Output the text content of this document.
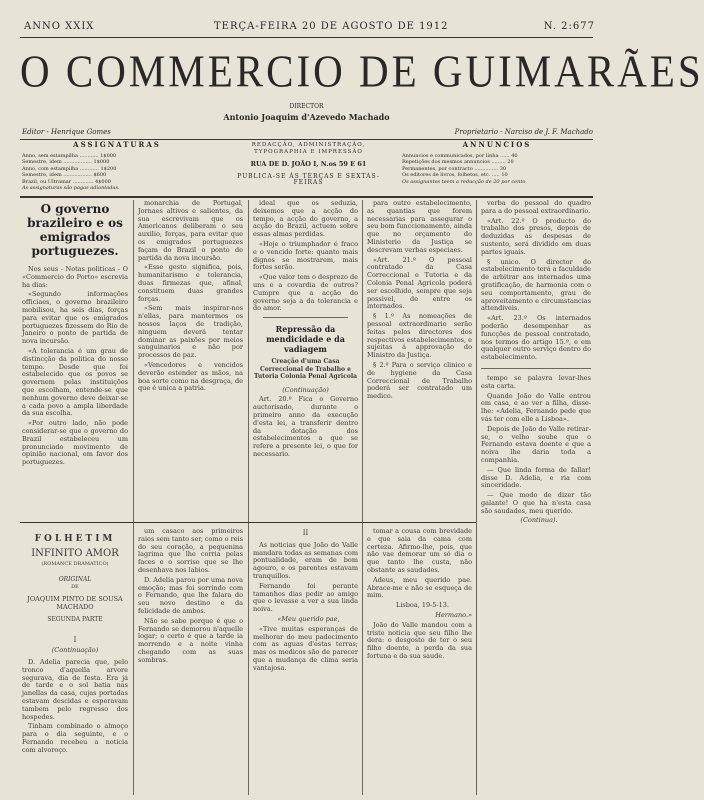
ANNO XXIX	TERÇA-FEIRA 20 DE AGOSTO DE 1912	N. 2:677
O COMMERCIO DE GUIMARÃES
DIRECTOR
Antonio Joaquim d'Azevedo Machado
Editor - Henrique Gomes	Proprietario - Narciso de J. F. Machado
ASSIGNATURAS
Anno, sem estampilha ............ 1$000
Semestre, idem .................. 1$000
Anno, com estampilha ............ 1$200
Semestre, idem .................. $600
Brazil, ou Ultramar ............. 4$000
As assignaturas são pagas adiantadas.
REDACÇÃO, ADMINISTRAÇÃO, TYPOGRAPHIA E IMPRESSÃO
RUA DE D. JOÃO I, N.os 59 E 61
PUBLICA-SE ÁS TERÇAS E SEXTAS-FEIRAS
ANNUNCIOS
Annuncios e communicados, por linha ...... 40
Repetições dos mesmos annuncios ......... 20
Permanentes, por contracto ............... 30
Os editores de livros, folhetos, etc. ..... 10
Os assignantes teem a reducção de 20 por cento.
O governo brazileiro e os emigrados portuguezes.

Nos seus - Notas politicas - O «Commercio do Porto» escrevia ha dias:

«Segundo informações officiaes, o governo brazileiro mobilisou, ha seis dias, forças para evitar que os emigrados portuguezes fizessem do Rio de Janeiro o ponto de partida de nova incursão.

«A tolerancia é um grau de distincção da politica do nosso tempo. Desde que foi estabelecido que os povos se governem pelas instituições que escolham, entende-se que nenhum governo deve deixar-se a cada povo a ampla liberdade da sua escolha.

«Por outro lado, não pode considerar-se que o governo do Brazil estabeleceu um pronunciado movimento de opinião nacional, em favor dos portuguezes.

monarchia de Portugal, Jornaes altivos e salientes, da sua escrevivam que os Americanos deliberam o seu auxilio, forças, para evitar que os emigrados portuguezes façam do Brazil o ponto de partida da nova incursão.

«Esse gesto significa, pois, humanitarismo e tolerancia, duas firmezas que, afinal, constituem duas grandes forças.

«Sem mais inspirar-nos n'ellas, para mantermos os nossos laços de tradição, ninguem deverá tentar dominar as paixões por meios sanguinarios e não por processos de paz.

«Vencedores e vencidos deverão estender as mãos, na boa sorte como na desgraça, de que é unica a patria.

ideal que os seduzia, deixemos que a acção do tempo, a acção do governo, a acção do Brazil, actuem sobre essas almas perdidas.

«Hoje o triumphador é fraco e o vencido forte: quanto mais dignos se mostrarem, mais fortes serão.

«Que valor tem o desprezo de uns e a covardia de outros? Cumpre que a acção do governo seja a da tolerancia e do amor.

Repressão da mendicidade e da vadiagem
Creação d'uma Casa Correccional de Trabalho e Tutoria Colonia Penal Agricola
(Continuação)

Art. 20.º Fica o Governo auctorisado, durante o primeiro anno da execução d'esta lei, a transferir dentro da dotação dos estabelecimentos a que se refere a presente lei, o que for necessario.

para outro estabelecimento, as quantias que forem necessarias para assegurar o seu bom funccionamento, ainda que no orçamento do Ministerio da Justiça se descrevam verbas especiaes.

«Art. 21.º O pessoal contratado da Casa Correccional e Tutoria e da Colonia Penal Agricola poderá ser escolhido, sempre que seja possivel, de entre os internados.

§ 1.º As nomeações de pessoal extraordinario serão feitas pelos directores dos respectivos estabelecimentos, e sujeitas á approvação do Ministro da Justiça.

§ 2.º Para o serviço clinico e de hygiene da Casa Correccional de Trabalho poderá ser contratado um medico.

verba do pessoal do quadro para a do pessoal extraordinario.

«Art. 22.º O producto do trabalho dos presos, depois de deduzidas as despesas de sustento, será dividido em duas partes iguais.

§ unico. O director do estabelecimento terá a faculdade de arbitrar aos internados uma gratificação, de harmonia com o seu comportamento, grau de aproveitamento e circumstancias attendiveis.

«Art. 23.º Os internados poderão desempenhar as funcções de pessoal contratado, nos termos do artigo 15.º, e em qualquer outro serviço dentro do estabelecimento.

tempo se palavra levar-lhes esta carta.

Quando João do Valle entrou em casa, e ao ver a filha, disse-lhe: «Adelia, Fernando pede que vás ter com elle a Lisboa».

Depois de João do Valle retirar-se, o velho soube que o Fernando estava doente e que a noiva lhe daria toda a companhia.

— Que linda forma de fallar! disse D. Adelia, e ria com sinceridade.

— Que modo de dizer tão galante! O que ha n'esta casa são saudades, meu querido.

(Continua).

FOLHETIM
INFINITO AMOR
(ROMANCE DRAMATICO)
ORIGINAL
DE
JOAQUIM PINTO DE SOUSA MACHADO
SEGUNDA PARTE
I
(Continuação)

D. Adelia parecia que, pelo tronco d'aquella arvore segurava, dia de festa. Era já de tarde e o sol batia nas janellas da casa, cujas portadas estavam descidas e esperavam tambem pelo regresso dos hospedes.

Tinham combinado o almoço para o dia seguinte, e o Fernando recebeu a noticia com alvoroço.

um casaco aos primeiros raios sem tanto ser, como o reis do seu coração, a pequenina lagrima que lhe corria pelas faces e o sorriso que se lhe desenhava nos labios.

D. Adelia parou por uma nova emoção; mas foi sorrindo com o Fernando, que lhe falara do seu novo destino e da felicidade de ambos.

Não se sabe porque é que o Fernando se demorou n'aquelle logar; o certo é que a tarde ia morrendo e a noite vinha chegando com as suas sombras.

II

As noticias que João do Valle mandara todas as semanas com pontualidade, eram de bom agouro, e os parentes estavam tranquillos.

Fernando foi perante tamanhos dias pedir ao amigo que o levasse a ver a sua linda noiva.

«Meu querido pae,

«Tive muitas esperanças de melhorar do meu padecimento com as aguas d'estas terras; mas os medicos são de parecer que a mudança de clima seria vantajosa.

tomar a cousa com brevidade e que saia da cama com certeza. Afirmo-lhe, pois, que não vae demorar um só dia o que tanto lhe custa, não obstante as saudades.

Adeus, meu querido pae. Abrace-me e não se esqueça de mim.

Lisboa, 19-5-13.

Hermano.»

João do Valle mandou com a triste noticia que seu filho lhe dera: o desgosto de ter o seu filho doente, a perda da sua fortuna e da sua saude.
